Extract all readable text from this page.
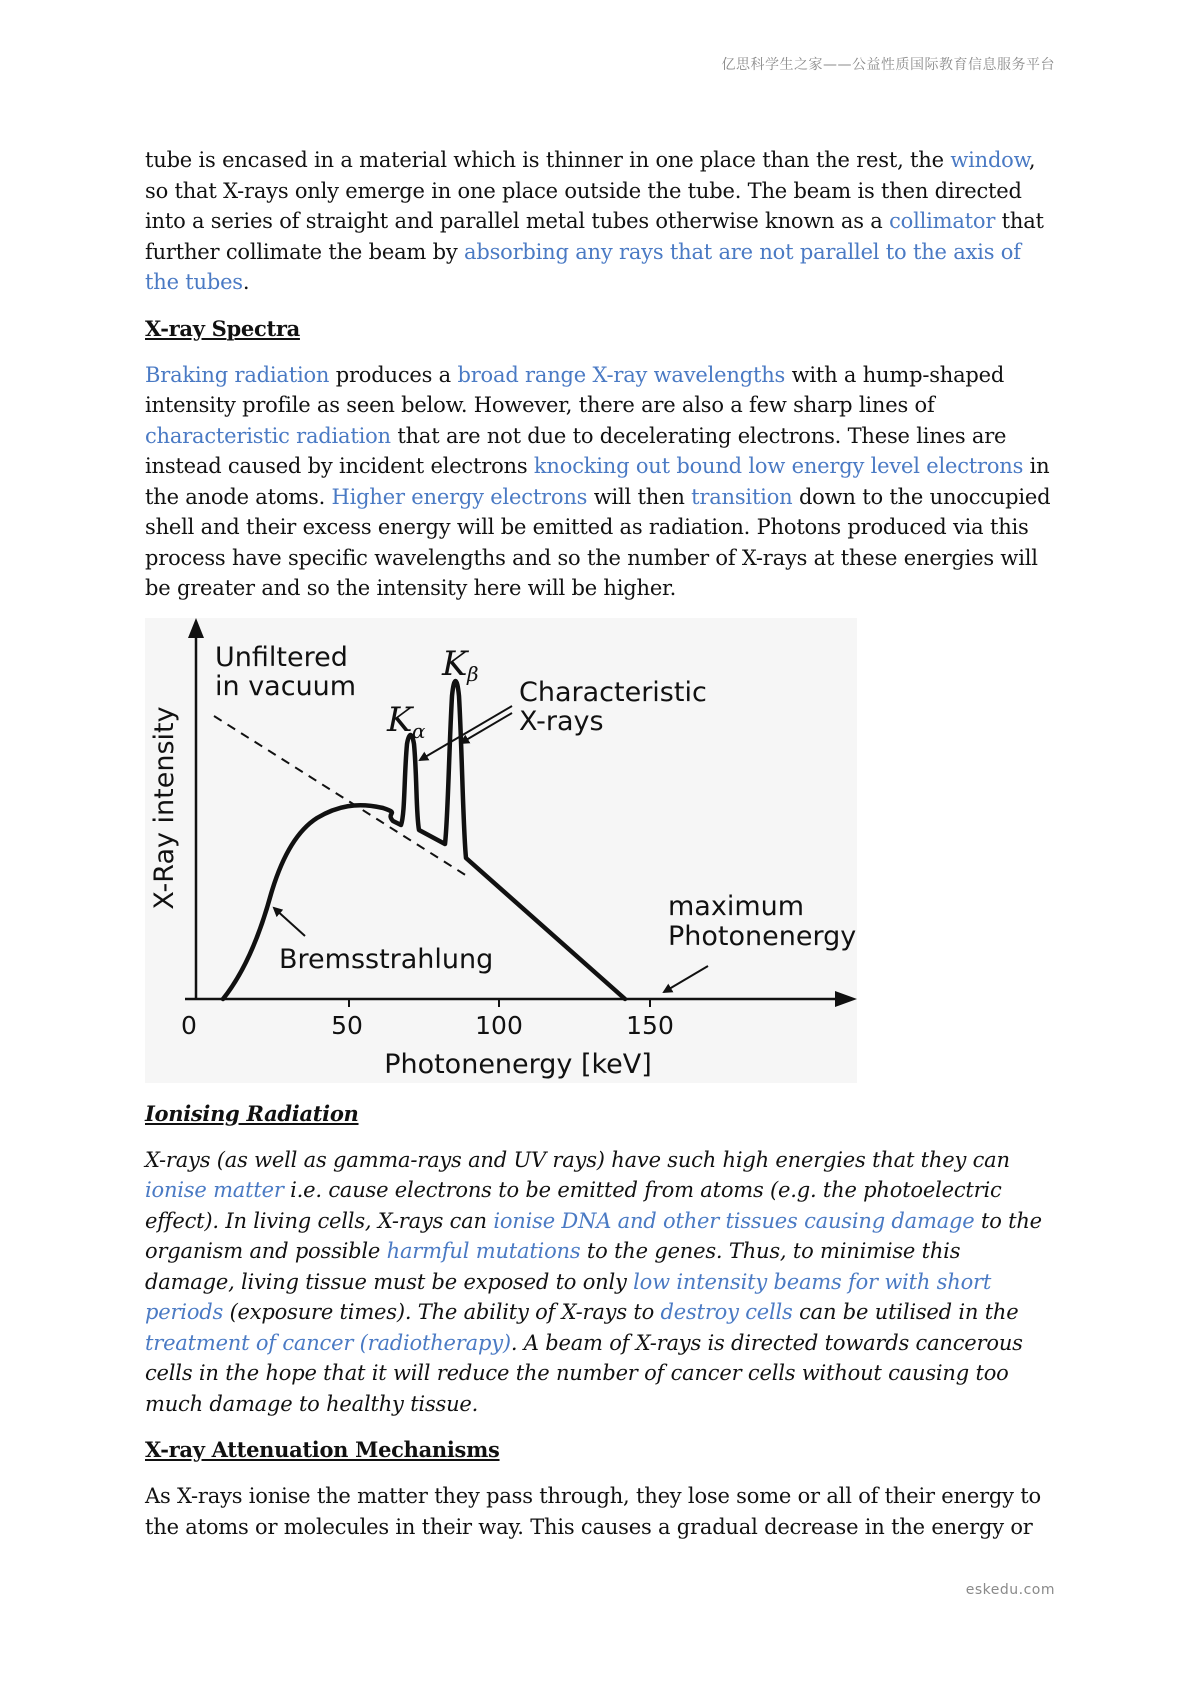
亿思科学生之家——公益性质国际教育信息服务平台

tube is encased in a material which is thinner in one place than the rest, the window, so that X-rays only emerge in one place outside the tube. The beam is then directed into a series of straight and parallel metal tubes otherwise known as a collimator that further collimate the beam by absorbing any rays that are not parallel to the axis of the tubes.

X-ray Spectra

Braking radiation produces a broad range X-ray wavelengths with a hump-shaped intensity profile as seen below. However, there are also a few sharp lines of characteristic radiation that are not due to decelerating electrons. These lines are instead caused by incident electrons knocking out bound low energy level electrons in the anode atoms. Higher energy electrons will then transition down to the unoccupied shell and their excess energy will be emitted as radiation. Photons produced via this process have specific wavelengths and so the number of X-rays at these energies will be greater and so the intensity here will be higher.

0	50	100	150
Photonenergy [keV]
X-Ray intensity
Unfiltered
in vacuum
K β
K α
Characteristic
X-rays
maximum
Photonenergy
Bremsstrahlung
Ionising Radiation

X-rays (as well as gamma-rays and UV rays) have such high energies that they can ionise matter i.e. cause electrons to be emitted from atoms (e.g. the photoelectric effect). In living cells, X-rays can ionise DNA and other tissues causing damage to the organism and possible harmful mutations to the genes. Thus, to minimise this damage, living tissue must be exposed to only low intensity beams for with short periods (exposure times). The ability of X-rays to destroy cells can be utilised in the treatment of cancer (radiotherapy). A beam of X-rays is directed towards cancerous cells in the hope that it will reduce the number of cancer cells without causing too much damage to healthy tissue.

X-ray Attenuation Mechanisms

As X-rays ionise the matter they pass through, they lose some or all of their energy to the atoms or molecules in their way. This causes a gradual decrease in the energy or

eskedu.com
